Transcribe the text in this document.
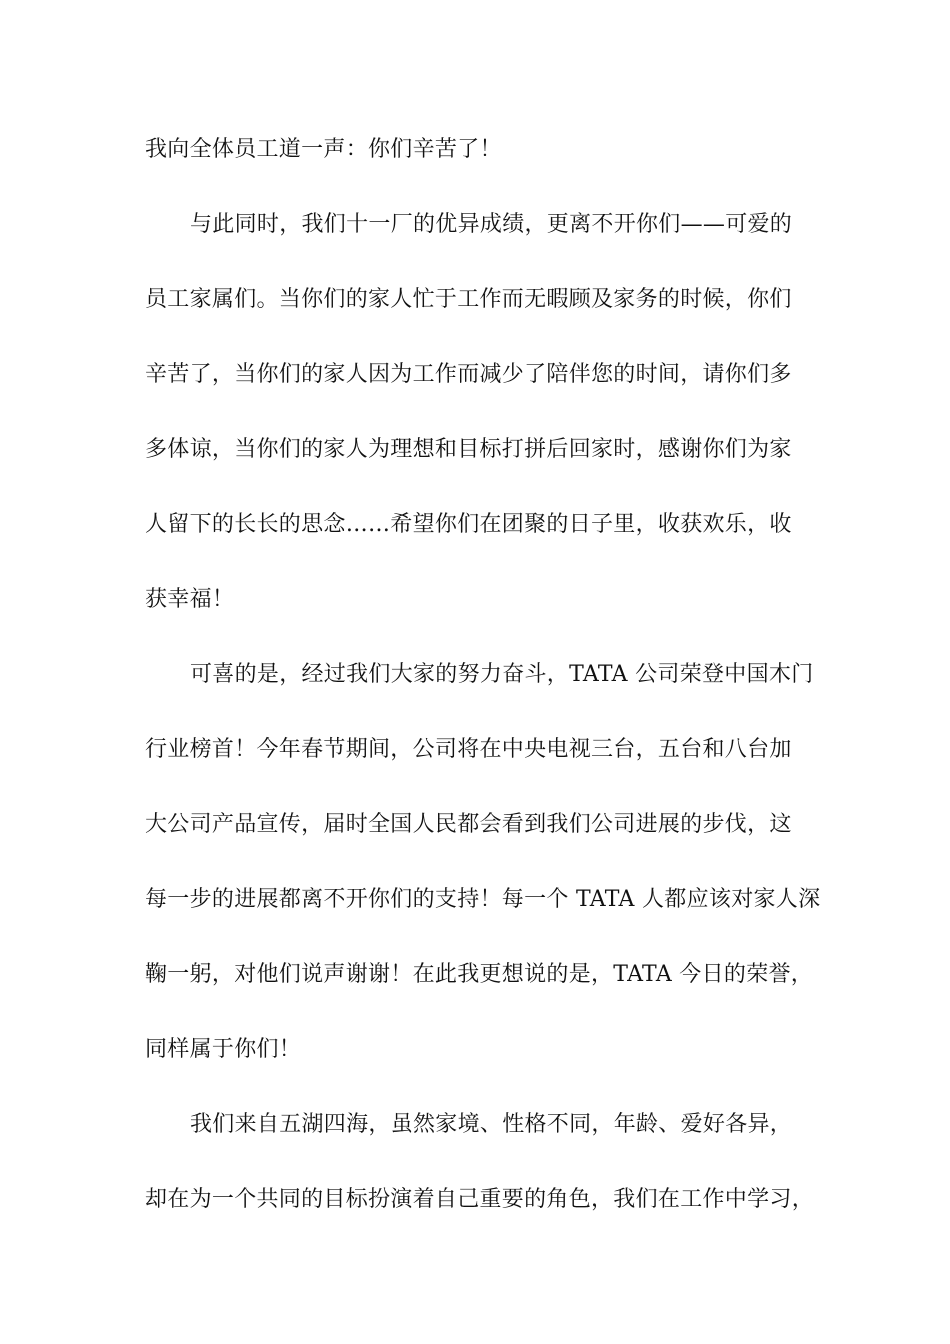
我向全体员工道一声：你们辛苦了！
与此同时，我们十一厂的优异成绩，更离不开你们——可爱的
员工家属们。当你们的家人忙于工作而无暇顾及家务的时候，你们
辛苦了，当你们的家人因为工作而减少了陪伴您的时间，请你们多
多体谅，当你们的家人为理想和目标打拼后回家时，感谢你们为家
人留下的长长的思念……希望你们在团聚的日子里，收获欢乐，收
获幸福！
可喜的是，经过我们大家的努力奋斗，TATA 公司荣登中国木门
行业榜首！今年春节期间，公司将在中央电视三台，五台和八台加
大公司产品宣传，届时全国人民都会看到我们公司进展的步伐，这
每一步的进展都离不开你们的支持！每一个 TATA 人都应该对家人深
鞠一躬，对他们说声谢谢！在此我更想说的是，TATA 今日的荣誉，
同样属于你们！
我们来自五湖四海，虽然家境、性格不同，年龄、爱好各异，
却在为一个共同的目标扮演着自己重要的角色，我们在工作中学习，
